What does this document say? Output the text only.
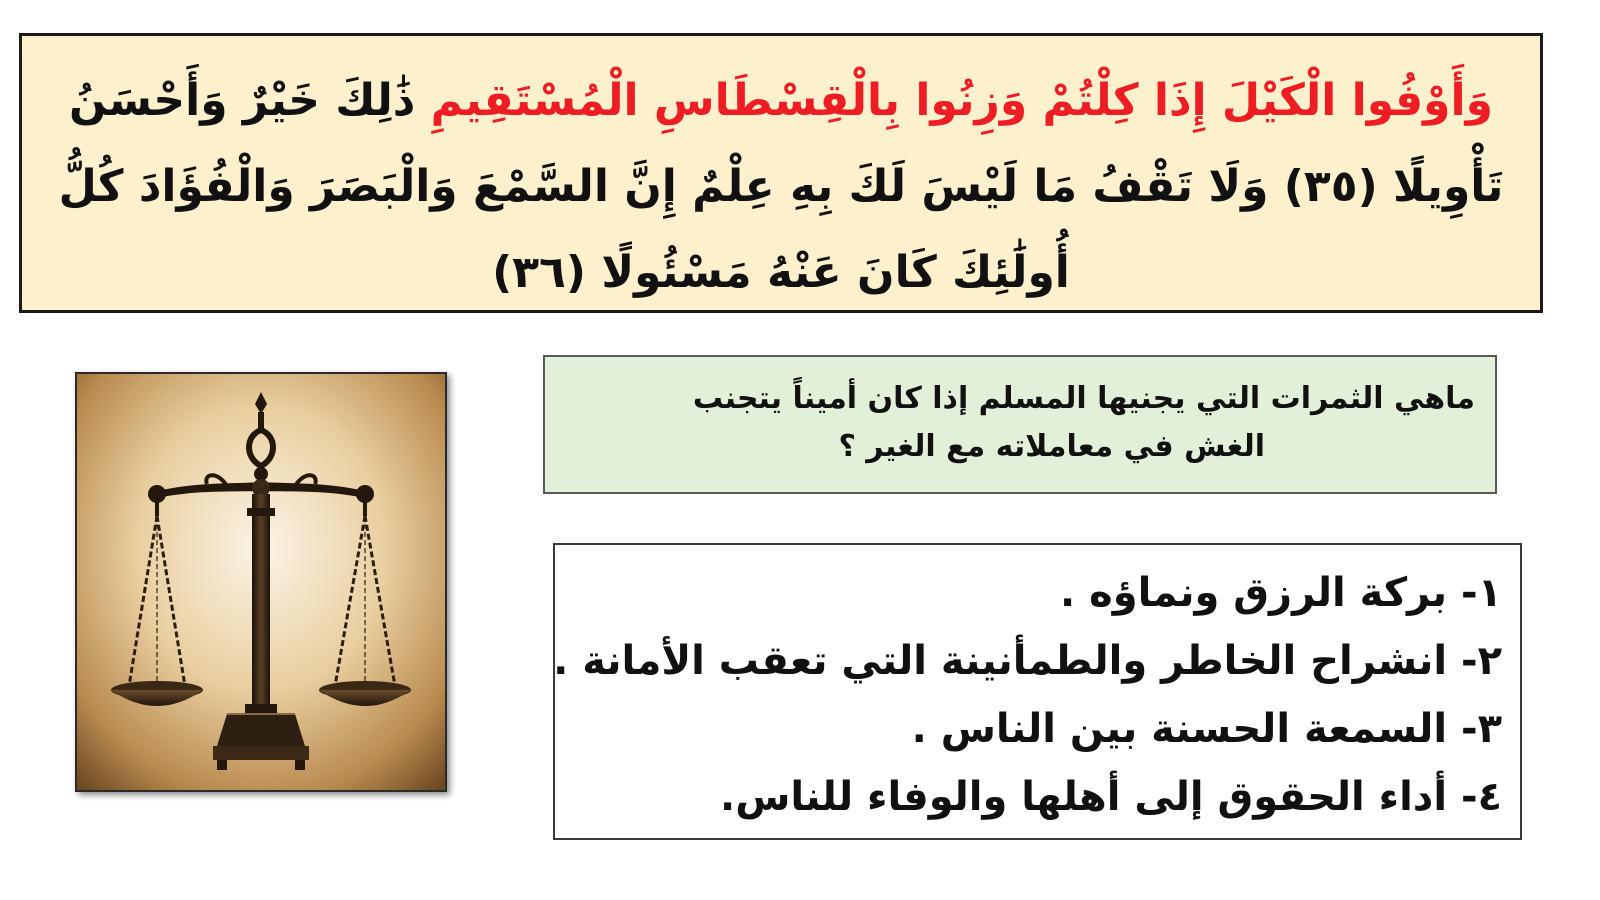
وَأَوْفُوا الْكَيْلَ إِذَا كِلْتُمْ وَزِنُوا بِالْقِسْطَاسِ الْمُسْتَقِيمِ ذَٰلِكَ خَيْرٌ وَأَحْسَنُ تَأْوِيلًا (٣٥) وَلَا تَقْفُ مَا لَيْسَ لَكَ بِهِ عِلْمٌ إِنَّ السَّمْعَ وَالْبَصَرَ وَالْفُؤَادَ كُلُّ أُولَٰئِكَ كَانَ عَنْهُ مَسْئُولًا (٣٦)
ماهي الثمرات التي يجنيها المسلم إذا كان أميناً يتجنب
الغش في معاملاته مع الغير ؟
١- بركة الرزق ونماؤه .
٢- انشراح الخاطر والطمأنينة التي تعقب الأمانة .
٣- السمعة الحسنة بين الناس .
٤- أداء الحقوق إلى أهلها والوفاء للناس.
